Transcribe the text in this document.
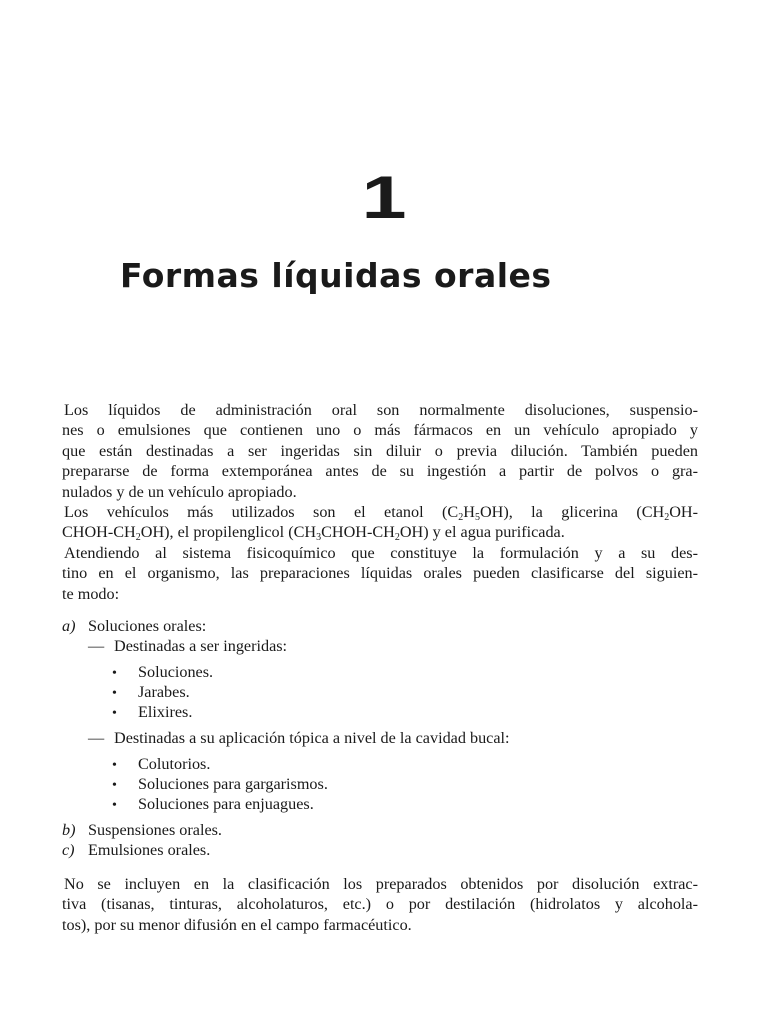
1
Formas líquidas orales
Los líquidos de administración oral son normalmente disoluciones, suspensio-
nes o emulsiones que contienen uno o más fármacos en un vehículo apropiado y
que están destinadas a ser ingeridas sin diluir o previa dilución. También pueden
prepararse de forma extemporánea antes de su ingestión a partir de polvos o gra-
nulados y de un vehículo apropiado.
Los vehículos más utilizados son el etanol $(C_2H_5OH)$, la glicerina ($CH_2OH-$
CHOH-$CH_2OH$), el propilenglicol $(CH_3CHOH-CH_2OH)$ y el agua purificada.
Atendiendo al sistema fisicoquímico que constituye la formulación y a su des-
tino en el organismo, las preparaciones líquidas orales pueden clasificarse del siguien-
te modo:
a) Soluciones orales:
— Destinadas a ser ingeridas:
• Soluciones.
• Jarabes.
• Elixires.
— Destinadas a su aplicación tópica a nivel de la cavidad bucal:
• Colutorios.
• Soluciones para gargarismos.
• Soluciones para enjuagues.
b) Suspensiones orales.
c) Emulsiones orales.
No se incluyen en la clasificación los preparados obtenidos por disolución extrac-
tiva (tisanas, tinturas, alcoholaturos, etc.) o por destilación (hidrolatos y alcohola-
tos), por su menor difusión en el campo farmacéutico.
